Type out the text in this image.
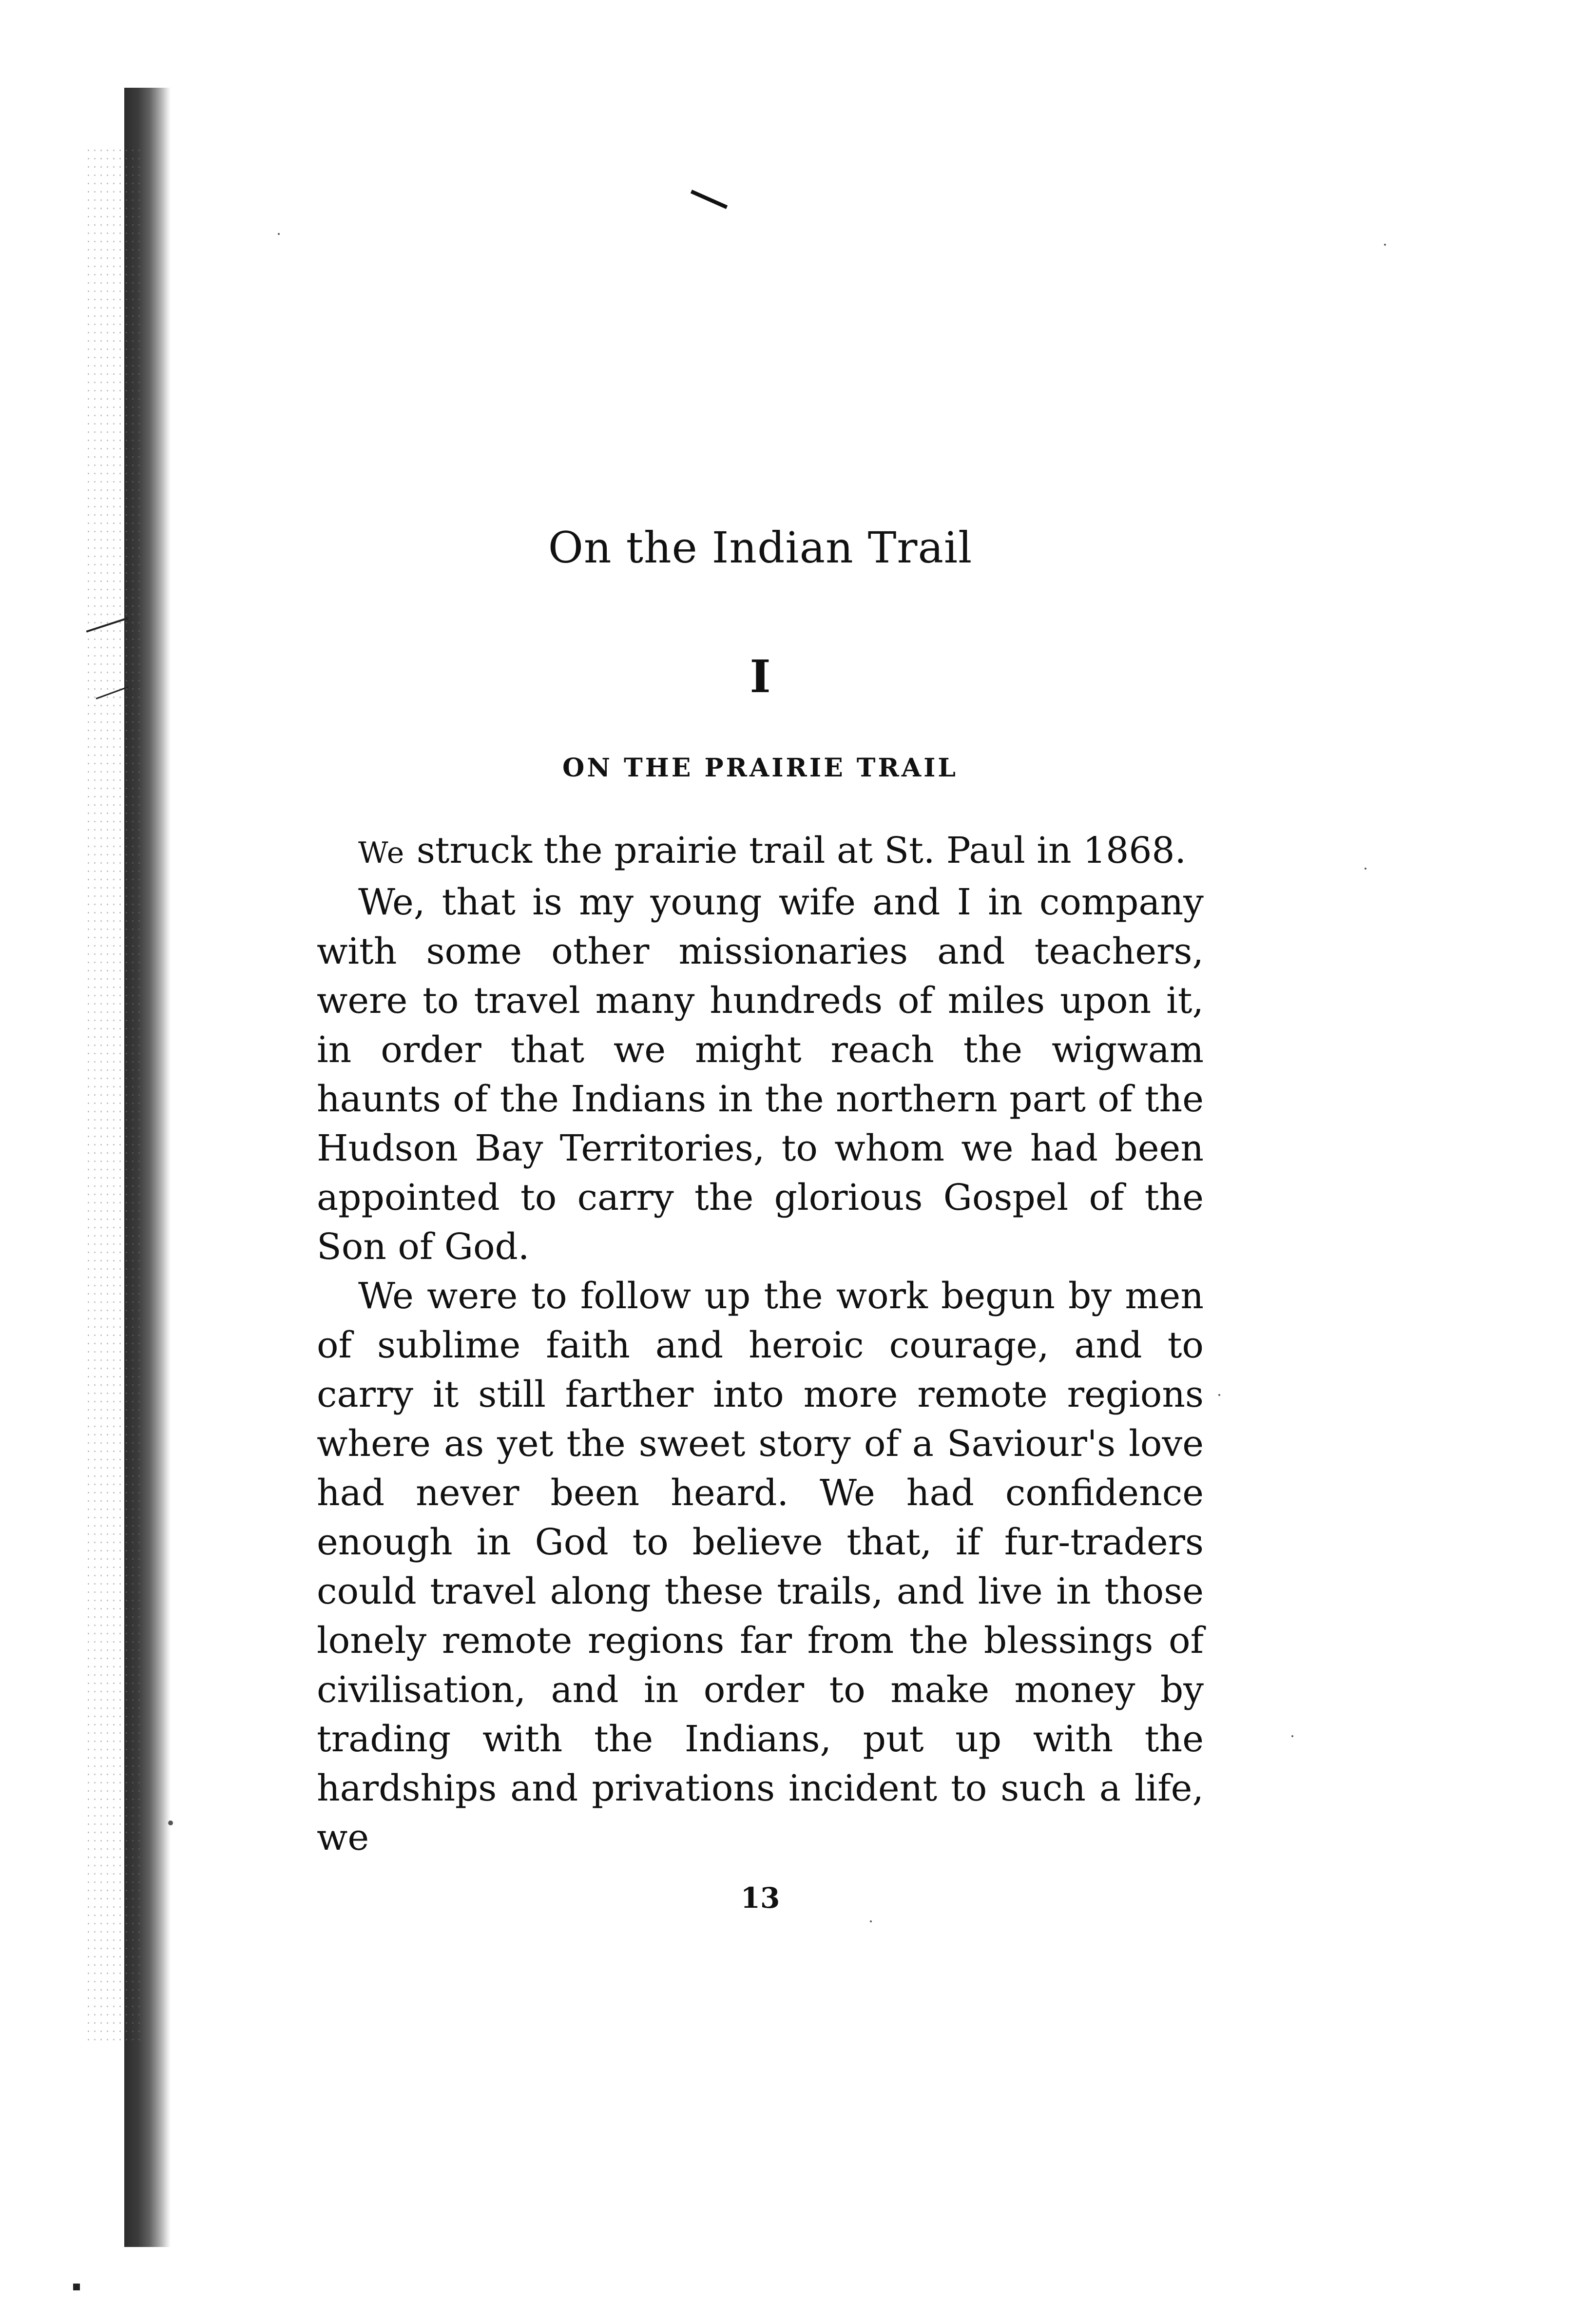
On the Indian Trail
I
ON THE PRAIRIE TRAIL

We struck the prairie trail at St. Paul in 1868.

We, that is my young wife and I in company with some other missionaries and teachers, were to travel many hundreds of miles upon it, in order that we might reach the wigwam haunts of the Indians in the northern part of the Hudson Bay Territories, to whom we had been appointed to carry the glorious Gospel of the Son of God.

We were to follow up the work begun by men of sublime faith and heroic courage, and to carry it still farther into more remote regions where as yet the sweet story of a Saviour's love had never been heard. We had confidence enough in God to believe that, if fur-traders could travel along these trails, and live in those lonely remote regions far from the blessings of civilisation, and in order to make money by trading with the Indians, put up with the hardships and privations incident to such a life, we

13
